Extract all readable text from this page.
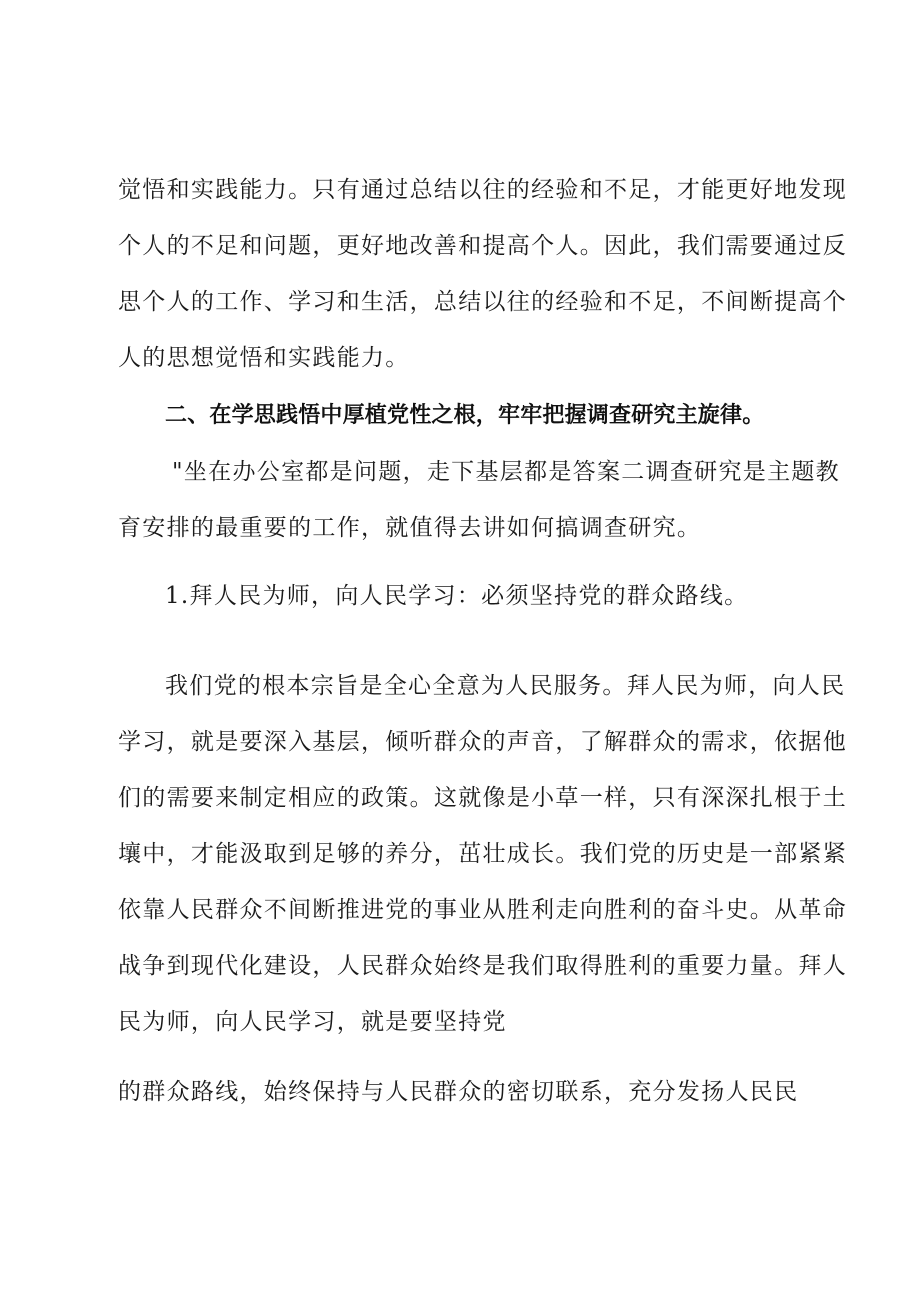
觉悟和实践能力。只有通过总结以往的经验和不足，才能更好地发现
个人的不足和问题，更好地改善和提高个人。因此，我们需要通过反
思个人的工作、学习和生活，总结以往的经验和不足，不间断提高个
人的思想觉悟和实践能力。
二、在学思践悟中厚植党性之根，牢牢把握调查研究主旋律。
"坐在办公室都是问题，走下基层都是答案二调查研究是主题教
育安排的最重要的工作，就值得去讲如何搞调查研究。
1.拜人民为师，向人民学习：必须坚持党的群众路线。
我们党的根本宗旨是全心全意为人民服务。拜人民为师，向人民
学习，就是要深入基层，倾听群众的声音，了解群众的需求，依据他
们的需要来制定相应的政策。这就像是小草一样，只有深深扎根于土
壤中，才能汲取到足够的养分，茁壮成长。我们党的历史是一部紧紧
依靠人民群众不间断推进党的事业从胜利走向胜利的奋斗史。从革命
战争到现代化建设，人民群众始终是我们取得胜利的重要力量。拜人
民为师，向人民学习，就是要坚持党
的群众路线，始终保持与人民群众的密切联系，充分发扬人民民
